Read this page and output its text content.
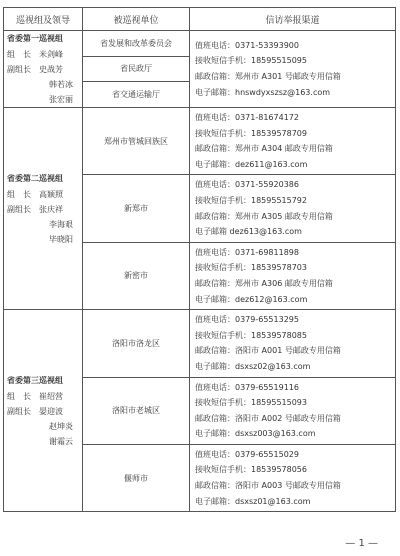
巡视组及领导	被巡视单位	信访举报渠道

省委第一巡视组
组　长　 米剑峰
副组长　 史战芳
韩若冰
张宏丽	省发展和改革委员会	值班电话：0371-53393900
接收短信手机：18595515095
邮政信箱：郑州市 A301 号邮政专用信箱
电子邮箱：hnswdyxszsz@163.com

	省民政厅	
	省交通运输厅	

省委第二巡视组
组　长　 高颖照
副组长　 张庆祥
李海艰
毕晓阳	郑州市管城回族区	值班电话：0371-81674172
接收短信手机：18539578709
邮政信箱：郑州市 A304 邮政专用信箱
电子邮箱：dez611@163.com

	新郑市	值班电话：0371-55920386
接收短信手机：18595515792
邮政信箱：郑州市 A305 邮政专用信箱
电子邮箱 dez613@163.com

	新密市	值班电话：0371-69811898
接收短信手机：18539578703
邮政信箱：郑州市 A306 邮政专用信箱
电子邮箱：dez612@163.com

省委第三巡视组
组　长　 崔绍营
副组长　 晏迎波
赵坤炎
谢霜云	洛阳市洛龙区	值班电话：0379-65513295
接收短信手机：18539578085
邮政信箱：洛阳市 A001 号邮政专用信箱
电子邮箱：dsxsz02@163.com

	洛阳市老城区	值班电话：0379-65519116
接收短信手机：18595515093
邮政信箱：洛阳市 A002 号邮政专用信箱
电子邮箱：dsxsz003@163.com

	偃师市	值班电话：0379-65515029
接收短信手机：18539578056
邮政信箱：洛阳市 A003 号邮政专用信箱
电子邮箱：dsxsz01@163.com
— 1 —
